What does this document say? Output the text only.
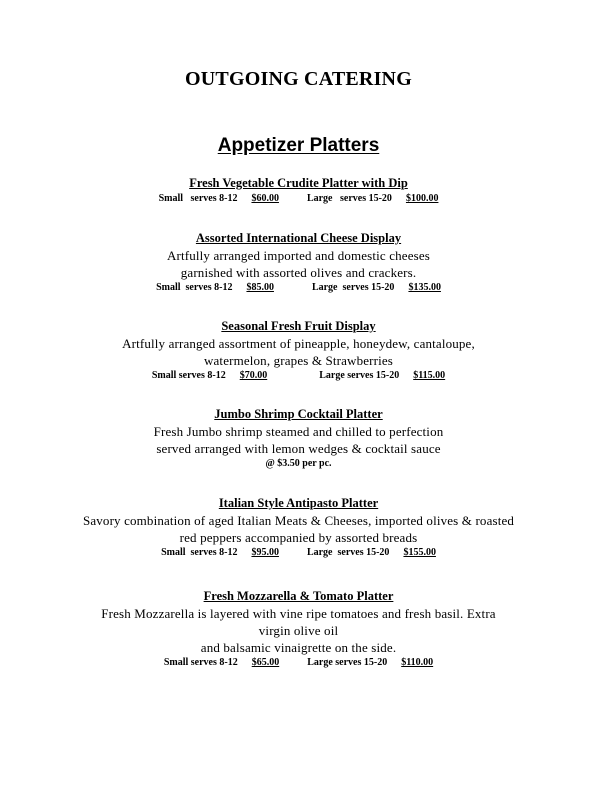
OUTGOING CATERING
Appetizer Platters
Fresh Vegetable Crudite Platter with Dip
Small   serves 8-12 $60.00	Large   serves 15-20 $100.00
Assorted International Cheese Display
Artfully arranged imported and domestic cheeses
garnished with assorted olives and crackers.
Small  serves 8-12 $85.00	Large  serves 15-20 $135.00
Seasonal Fresh Fruit Display
Artfully arranged assortment of pineapple, honeydew, cantaloupe,
watermelon, grapes & Strawberries
Small serves 8-12 $70.00	Large serves 15-20 $115.00
Jumbo Shrimp Cocktail Platter
Fresh Jumbo shrimp steamed and chilled to perfection
served arranged with lemon wedges & cocktail sauce
@ $3.50 per pc.
Italian Style Antipasto Platter
Savory combination of aged Italian Meats & Cheeses, imported olives & roasted
red peppers accompanied by assorted breads
Small  serves 8-12 $95.00	Large  serves 15-20 $155.00
Fresh Mozzarella & Tomato Platter
Fresh Mozzarella is layered with vine ripe tomatoes and fresh basil. Extra
virgin olive oil
and balsamic vinaigrette on the side.
Small serves 8-12 $65.00	Large serves 15-20 $110.00
